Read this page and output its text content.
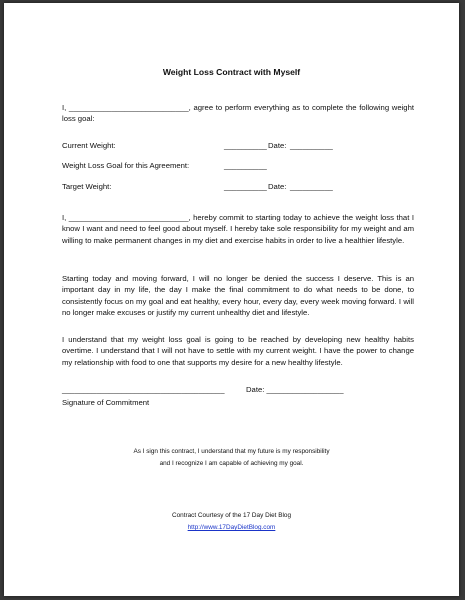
Weight Loss Contract with Myself
I, ____________________________, agree to perform everything as to complete the following weight loss goal:
Current Weight:	__________ Date: __________
Weight Loss Goal for this Agreement:	__________
Target Weight:	__________ Date: __________
I, ____________________________, hereby commit to starting today to achieve the weight loss that I know I want and need to feel good about myself. I hereby take sole responsibility for my weight and am willing to make permanent changes in my diet and exercise habits in order to live a healthier lifestyle.
Starting today and moving forward, I will no longer be denied the success I deserve. This is an important day in my life, the day I make the final commitment to do what needs to be done, to consistently focus on my goal and eat healthy, every hour, every day, every week moving forward. I will no longer make excuses or justify my current unhealthy diet and lifestyle.
I understand that my weight loss goal is going to be reached by developing new healthy habits overtime. I understand that I will not have to settle with my current weight. I have the power to change my relationship with food to one that supports my desire for a new healthy lifestyle.
______________________________________	Date: __________________
Signature of Commitment
As I sign this contract, I understand that my future is my responsibility
and I recognize I am capable of achieving my goal.
Contract Courtesy of the 17 Day Diet Blog
http://www.17DayDietBlog.com
